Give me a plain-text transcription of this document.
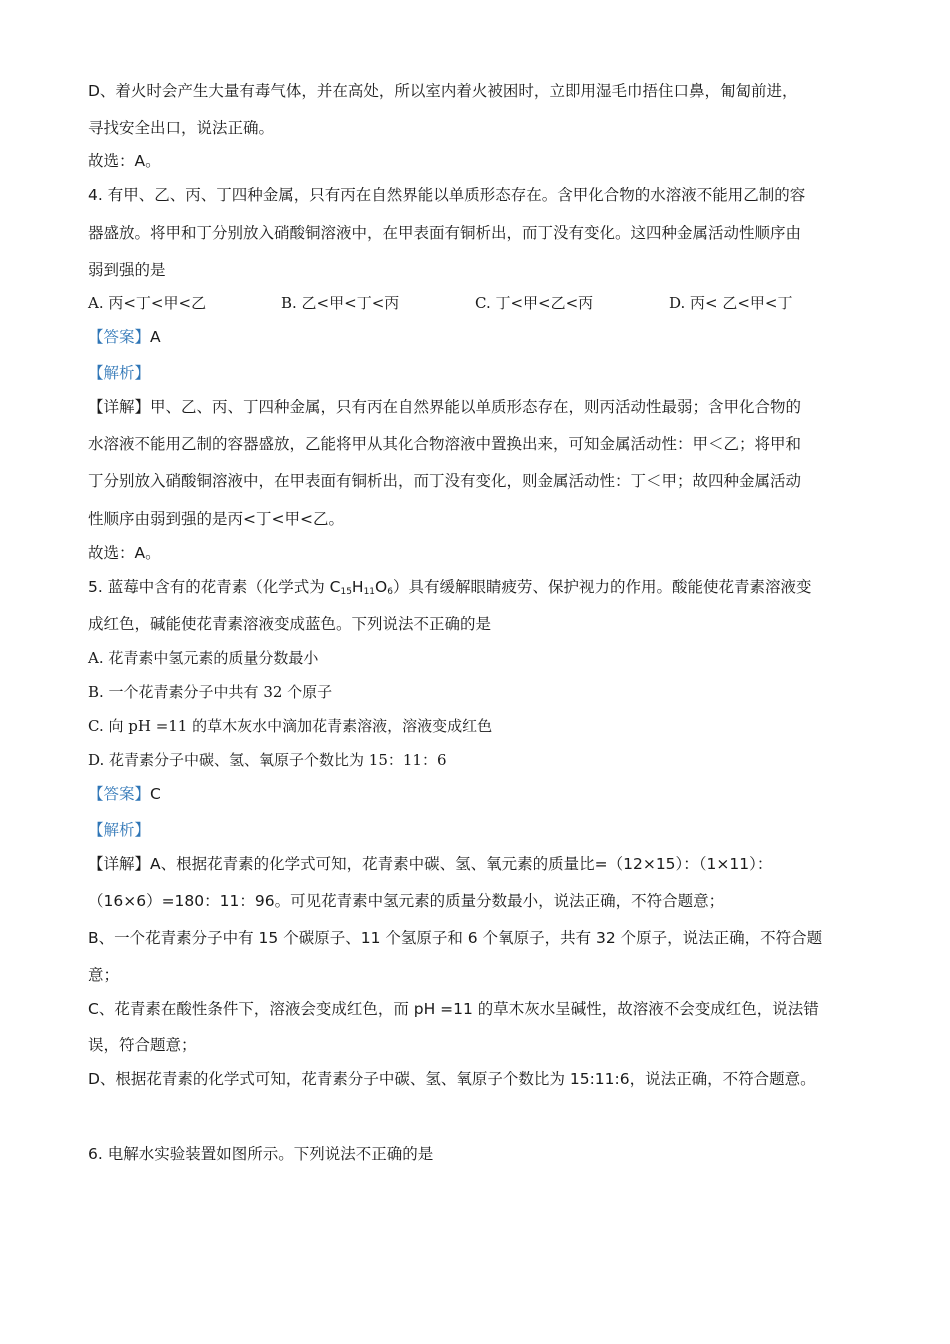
D、着火时会产生大量有毒气体，并在高处，所以室内着火被困时，立即用湿毛巾捂住口鼻，匍匐前进，
寻找安全出口，说法正确。
故选：A。
4. 有甲、乙、丙、丁四种金属，只有丙在自然界能以单质形态存在。含甲化合物的水溶液不能用乙制的容
器盛放。将甲和丁分别放入硝酸铜溶液中，在甲表面有铜析出，而丁没有变化。这四种金属活动性顺序由
弱到强的是
A. 丙<丁<甲<乙	B. 乙<甲<丁<丙	C. 丁<甲<乙<丙	D. 丙< 乙<甲<丁
【答案】A
【解析】
【详解】甲、乙、丙、丁四种金属，只有丙在自然界能以单质形态存在，则丙活动性最弱；含甲化合物的
水溶液不能用乙制的容器盛放，乙能将甲从其化合物溶液中置换出来，可知金属活动性：甲＜乙；将甲和
丁分别放入硝酸铜溶液中，在甲表面有铜析出，而丁没有变化，则金属活动性：丁＜甲；故四种金属活动
性顺序由弱到强的是丙<丁<甲<乙。
故选：A。
5. 蓝莓中含有的花青素（化学式为 $C_{15}H_{11}O_6$）具有缓解眼睛疲劳、保护视力的作用。酸能使花青素溶液变
成红色，碱能使花青素溶液变成蓝色。下列说法不正确的是
A. 花青素中氢元素的质量分数最小
B. 一个花青素分子中共有 32 个原子
C. 向 pH =11 的草木灰水中滴加花青素溶液，溶液变成红色
D. 花青素分子中碳、氢、氧原子个数比为 15：11：6
【答案】C
【解析】
【详解】A、根据花青素的化学式可知，花青素中碳、氢、氧元素的质量比=（12×15）：（1×11）：
（16×6）=180：11：96。可见花青素中氢元素的质量分数最小，说法正确，不符合题意；
B、一个花青素分子中有 15 个碳原子、11 个氢原子和 6 个氧原子，共有 32 个原子，说法正确，不符合题
意；
C、花青素在酸性条件下，溶液会变成红色，而 pH =11 的草木灰水呈碱性，故溶液不会变成红色，说法错
误，符合题意；
D、根据花青素的化学式可知，花青素分子中碳、氢、氧原子个数比为 15:11:6，说法正确，不符合题意。
6. 电解水实验装置如图所示。下列说法不正确的是
